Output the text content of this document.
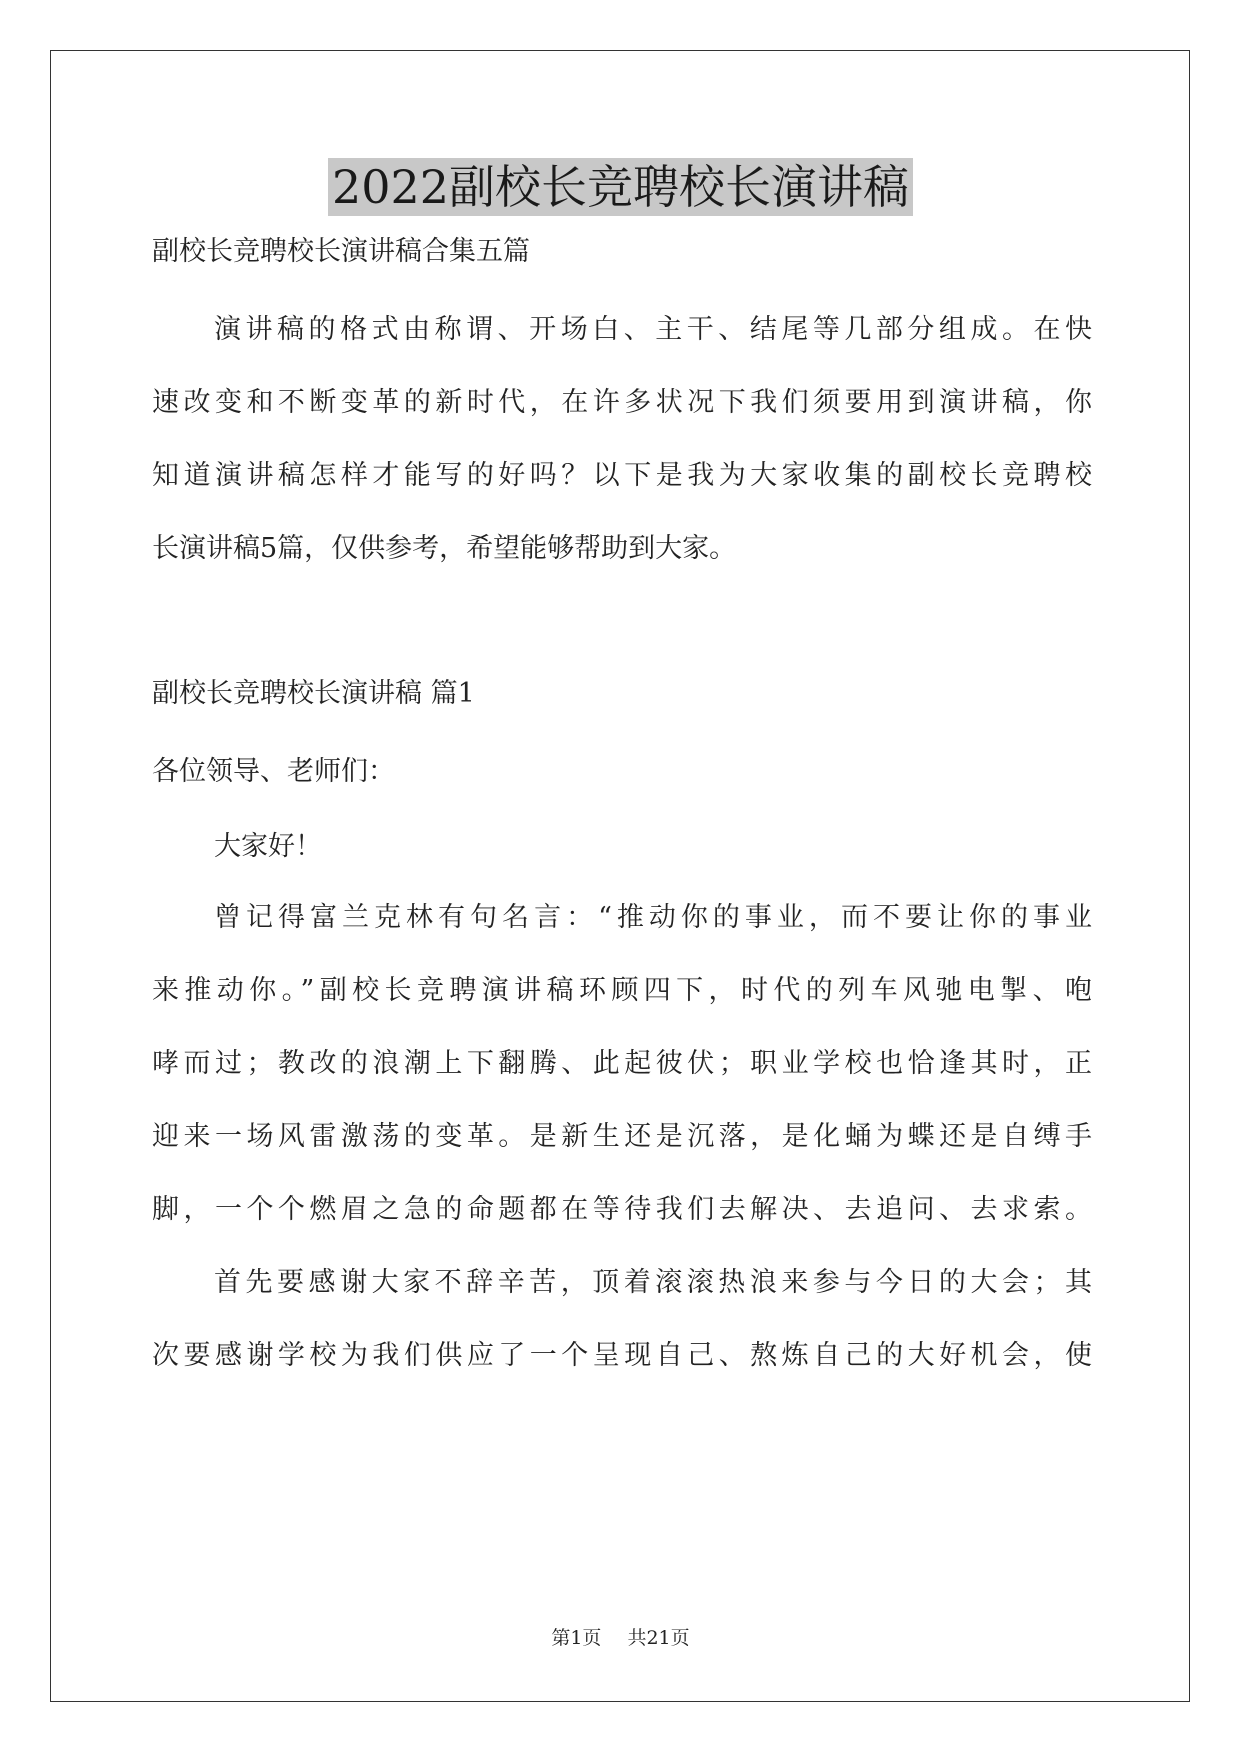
2022副校长竞聘校长演讲稿
副校长竞聘校长演讲稿合集五篇
演讲稿的格式由称谓、开场白、主干、结尾等几部分组成。在快
速改变和不断变革的新时代，在许多状况下我们须要用到演讲稿，你
知道演讲稿怎样才能写的好吗？以下是我为大家收集的副校长竞聘校
长演讲稿5篇，仅供参考，希望能够帮助到大家。
副校长竞聘校长演讲稿 篇1
各位领导、老师们：
大家好！
曾记得富兰克林有句名言：“推动你的事业，而不要让你的事业
来推动你。”副校长竞聘演讲稿环顾四下，时代的列车风驰电掣、咆
哮而过；教改的浪潮上下翻腾、此起彼伏；职业学校也恰逢其时，正
迎来一场风雷激荡的变革。是新生还是沉落，是化蛹为蝶还是自缚手
脚，一个个燃眉之急的命题都在等待我们去解决、去追问、去求索。
首先要感谢大家不辞辛苦，顶着滚滚热浪来参与今日的大会；其
次要感谢学校为我们供应了一个呈现自己、熬炼自己的大好机会，使
第1页 共21页
